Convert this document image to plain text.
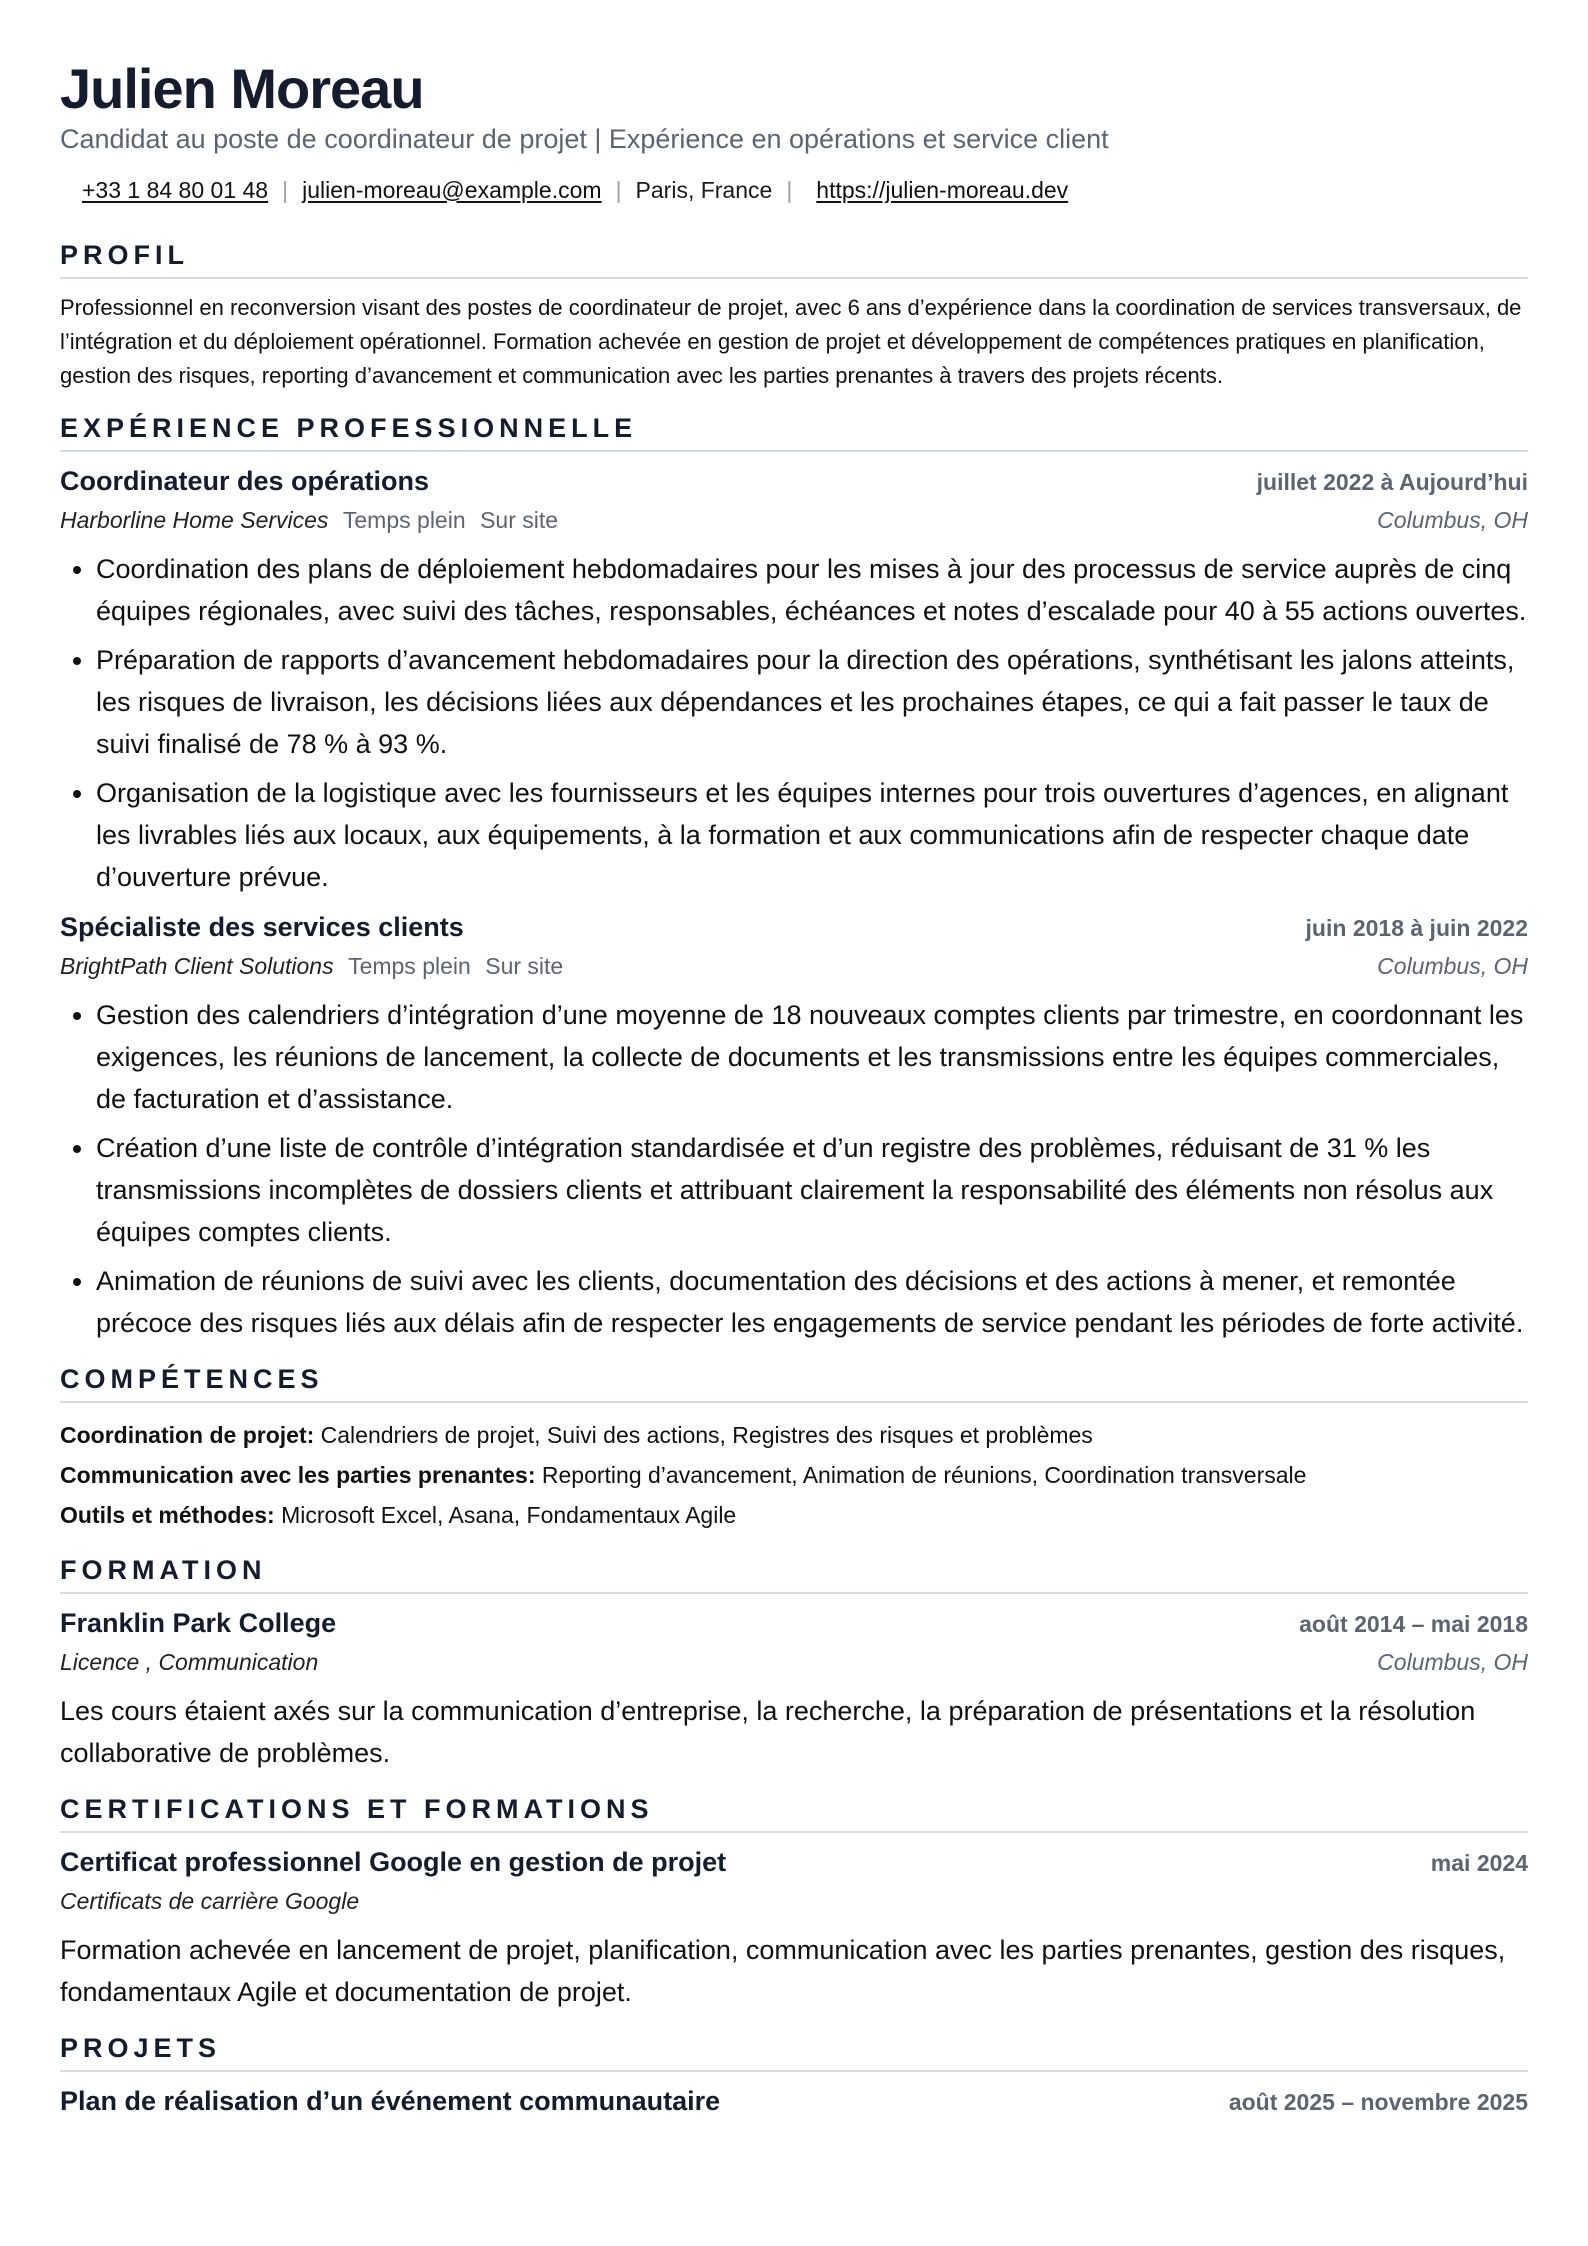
Julien Moreau
Candidat au poste de coordinateur de projet | Expérience en opérations et service client
+33 1 84 80 01 48 | julien-moreau@example.com | Paris, France | https://julien-moreau.dev
PROFIL
Professionnel en reconversion visant des postes de coordinateur de projet, avec 6 ans d’expérience dans la coordination de services transversaux, de l’intégration et du déploiement opérationnel. Formation achevée en gestion de projet et développement de compétences pratiques en planification, gestion des risques, reporting d’avancement et communication avec les parties prenantes à travers des projets récents.
EXPÉRIENCE PROFESSIONNELLE
Coordinateur des opérations	juillet 2022 à Aujourd’hui
Harborline Home Services Temps plein Sur site	Columbus, OH
• Coordination des plans de déploiement hebdomadaires pour les mises à jour des processus de service auprès de cinq équipes régionales, avec suivi des tâches, responsables, échéances et notes d’escalade pour 40 à 55 actions ouvertes.
• Préparation de rapports d’avancement hebdomadaires pour la direction des opérations, synthétisant les jalons atteints, les risques de livraison, les décisions liées aux dépendances et les prochaines étapes, ce qui a fait passer le taux de suivi finalisé de 78 % à 93 %.
• Organisation de la logistique avec les fournisseurs et les équipes internes pour trois ouvertures d’agences, en alignant les livrables liés aux locaux, aux équipements, à la formation et aux communications afin de respecter chaque date d’ouverture prévue.
Spécialiste des services clients	juin 2018 à juin 2022
BrightPath Client Solutions Temps plein Sur site	Columbus, OH
• Gestion des calendriers d’intégration d’une moyenne de 18 nouveaux comptes clients par trimestre, en coordonnant les exigences, les réunions de lancement, la collecte de documents et les transmissions entre les équipes commerciales, de facturation et d’assistance.
• Création d’une liste de contrôle d’intégration standardisée et d’un registre des problèmes, réduisant de 31 % les transmissions incomplètes de dossiers clients et attribuant clairement la responsabilité des éléments non résolus aux équipes comptes clients.
• Animation de réunions de suivi avec les clients, documentation des décisions et des actions à mener, et remontée précoce des risques liés aux délais afin de respecter les engagements de service pendant les périodes de forte activité.
COMPÉTENCES
Coordination de projet: Calendriers de projet, Suivi des actions, Registres des risques et problèmes
Communication avec les parties prenantes: Reporting d’avancement, Animation de réunions, Coordination transversale
Outils et méthodes: Microsoft Excel, Asana, Fondamentaux Agile
FORMATION
Franklin Park College	août 2014 – mai 2018
Licence , Communication	Columbus, OH
Les cours étaient axés sur la communication d’entreprise, la recherche, la préparation de présentations et la résolution collaborative de problèmes.
CERTIFICATIONS ET FORMATIONS
Certificat professionnel Google en gestion de projet	mai 2024
Certificats de carrière Google
Formation achevée en lancement de projet, planification, communication avec les parties prenantes, gestion des risques, fondamentaux Agile et documentation de projet.
PROJETS
Plan de réalisation d’un événement communautaire	août 2025 – novembre 2025
